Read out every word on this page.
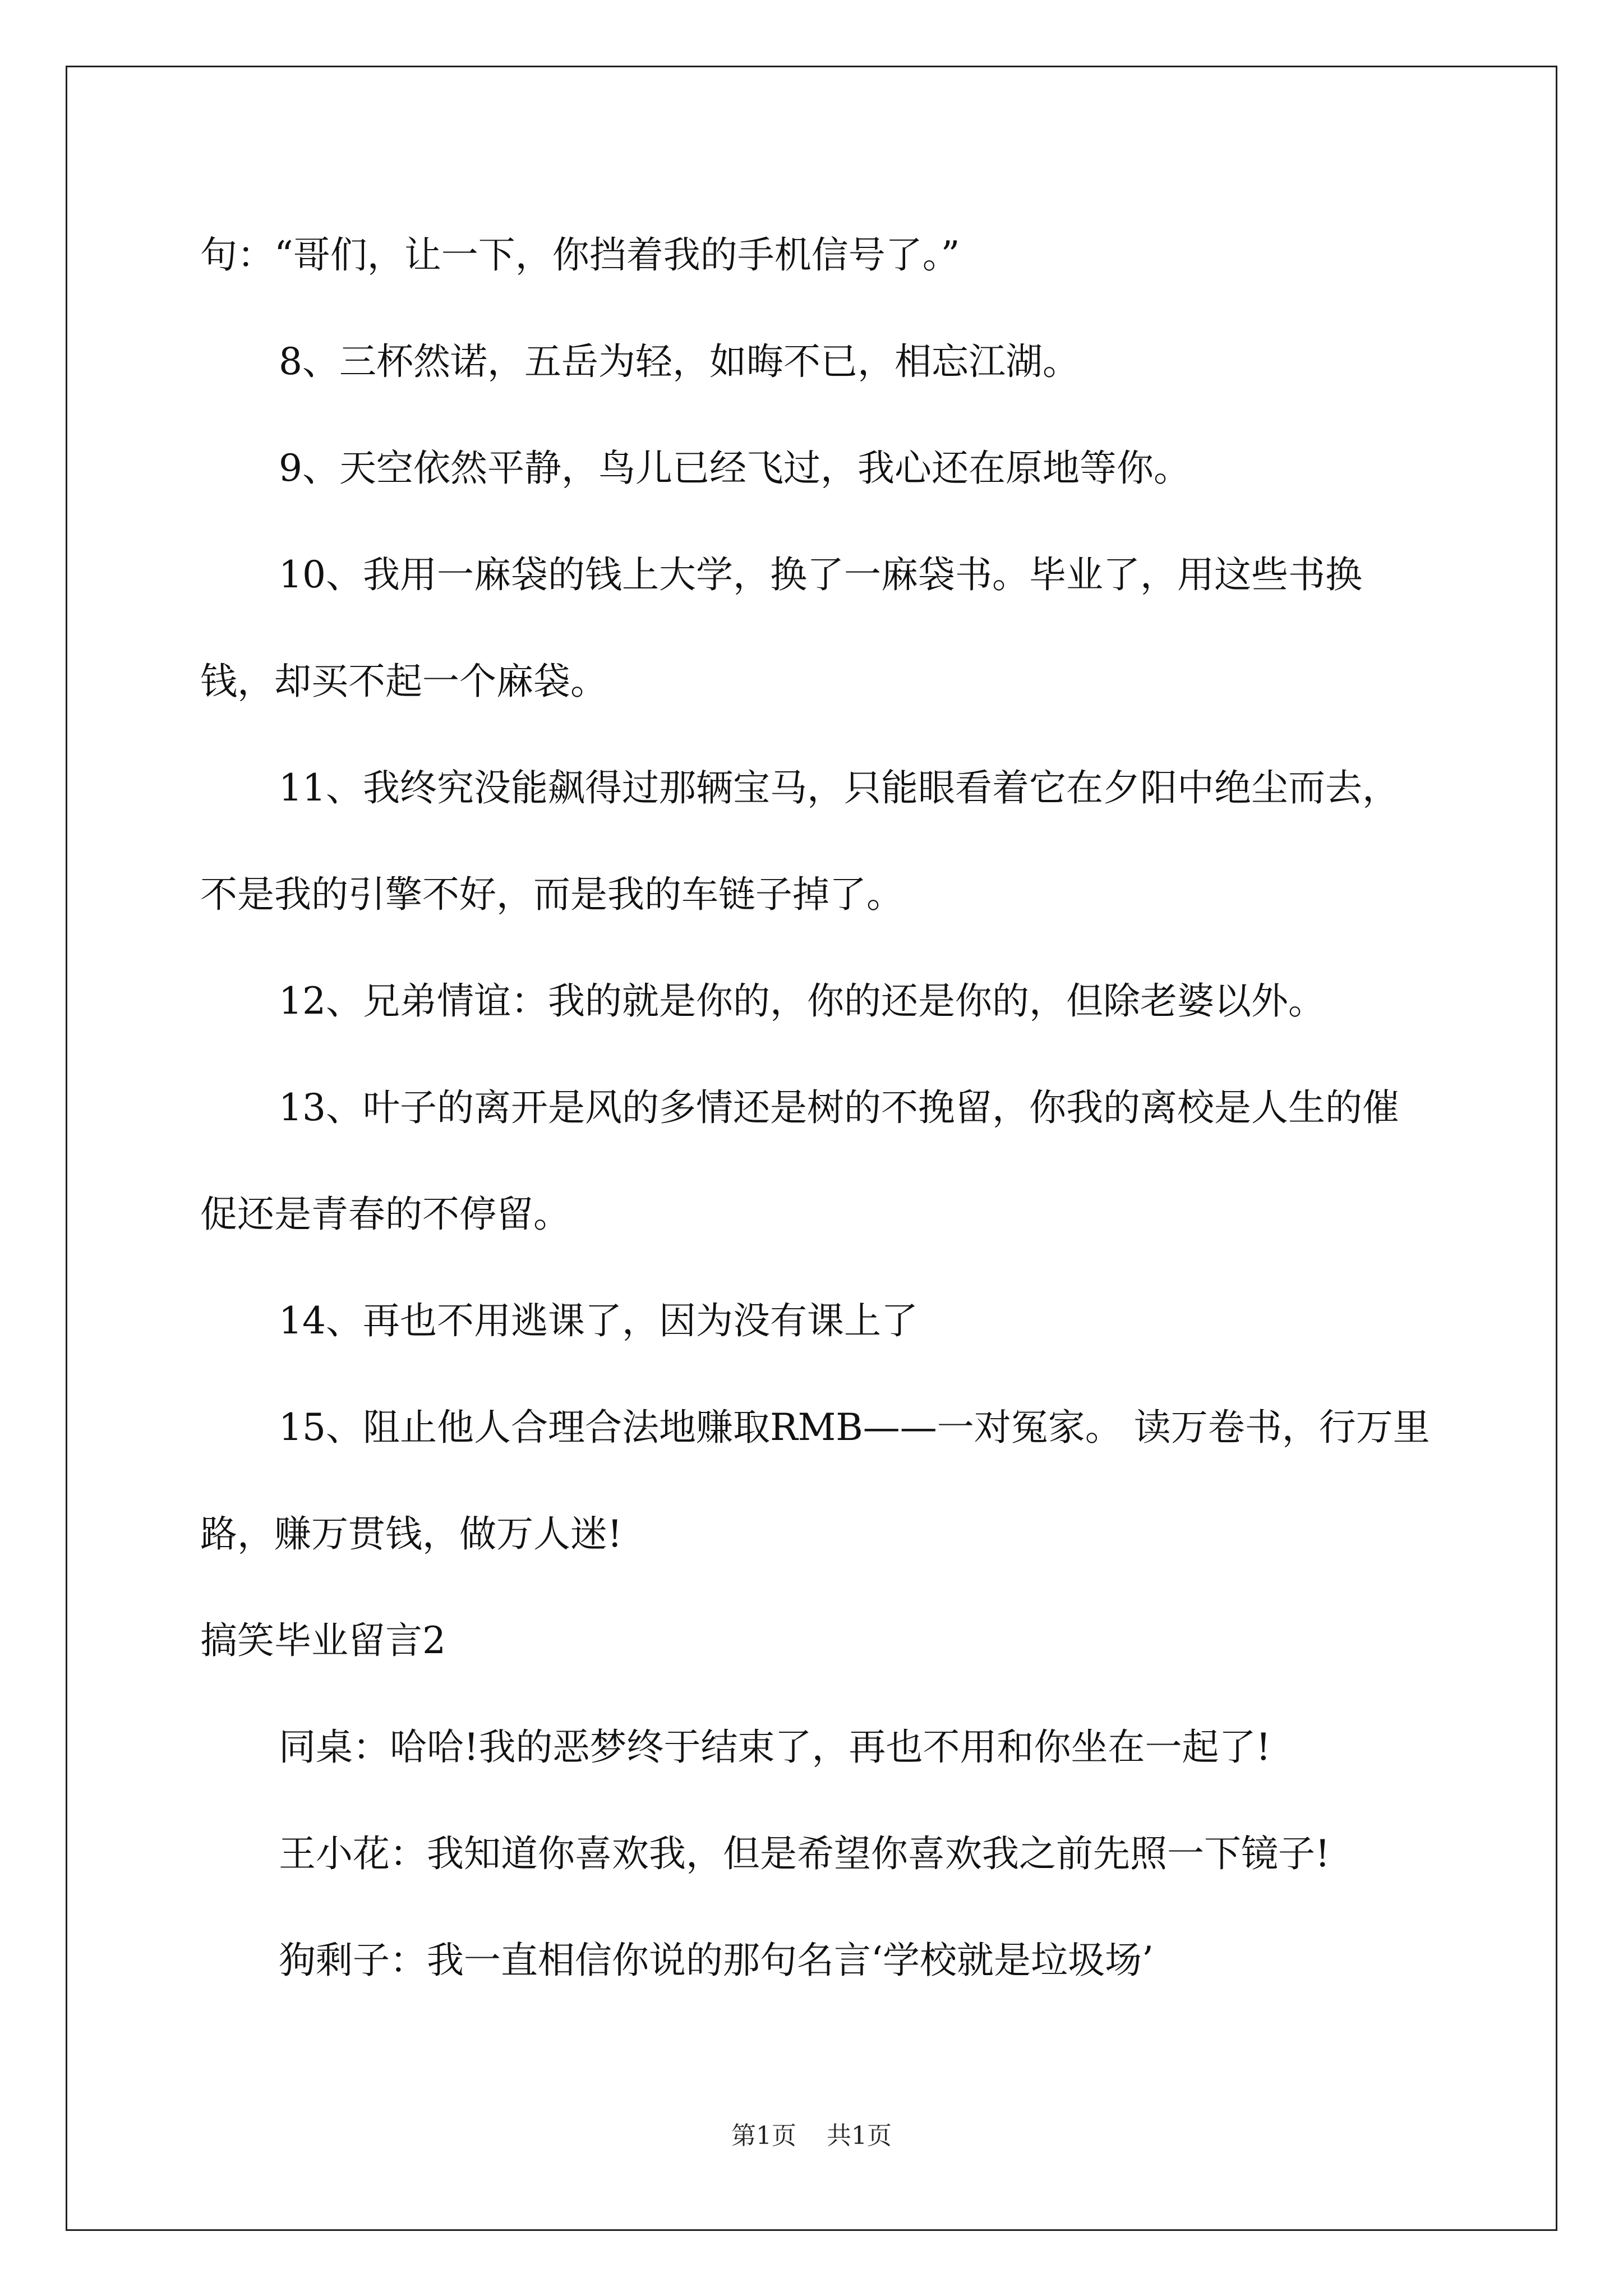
句：“哥们，让一下，你挡着我的手机信号了。”

8、三杯然诺，五岳为轻，如晦不已，相忘江湖。

9、天空依然平静，鸟儿已经飞过，我心还在原地等你。

10、我用一麻袋的钱上大学，换了一麻袋书。毕业了，用这些书换钱，却买不起一个麻袋。

11、我终究没能飙得过那辆宝马，只能眼看着它在夕阳中绝尘而去，不是我的引擎不好，而是我的车链子掉了。

12、兄弟情谊：我的就是你的，你的还是你的，但除老婆以外。

13、叶子的离开是风的多情还是树的不挽留，你我的离校是人生的催促还是青春的不停留。

14、再也不用逃课了，因为没有课上了

15、阻止他人合理合法地赚取RMB——一对冤家。 读万卷书，行万里路，赚万贯钱，做万人迷!

搞笑毕业留言2

同桌：哈哈!我的恶梦终于结束了，再也不用和你坐在一起了!

王小花：我知道你喜欢我，但是希望你喜欢我之前先照一下镜子!

狗剩子：我一直相信你说的那句名言‘学校就是垃圾场’

第1页 共1页
